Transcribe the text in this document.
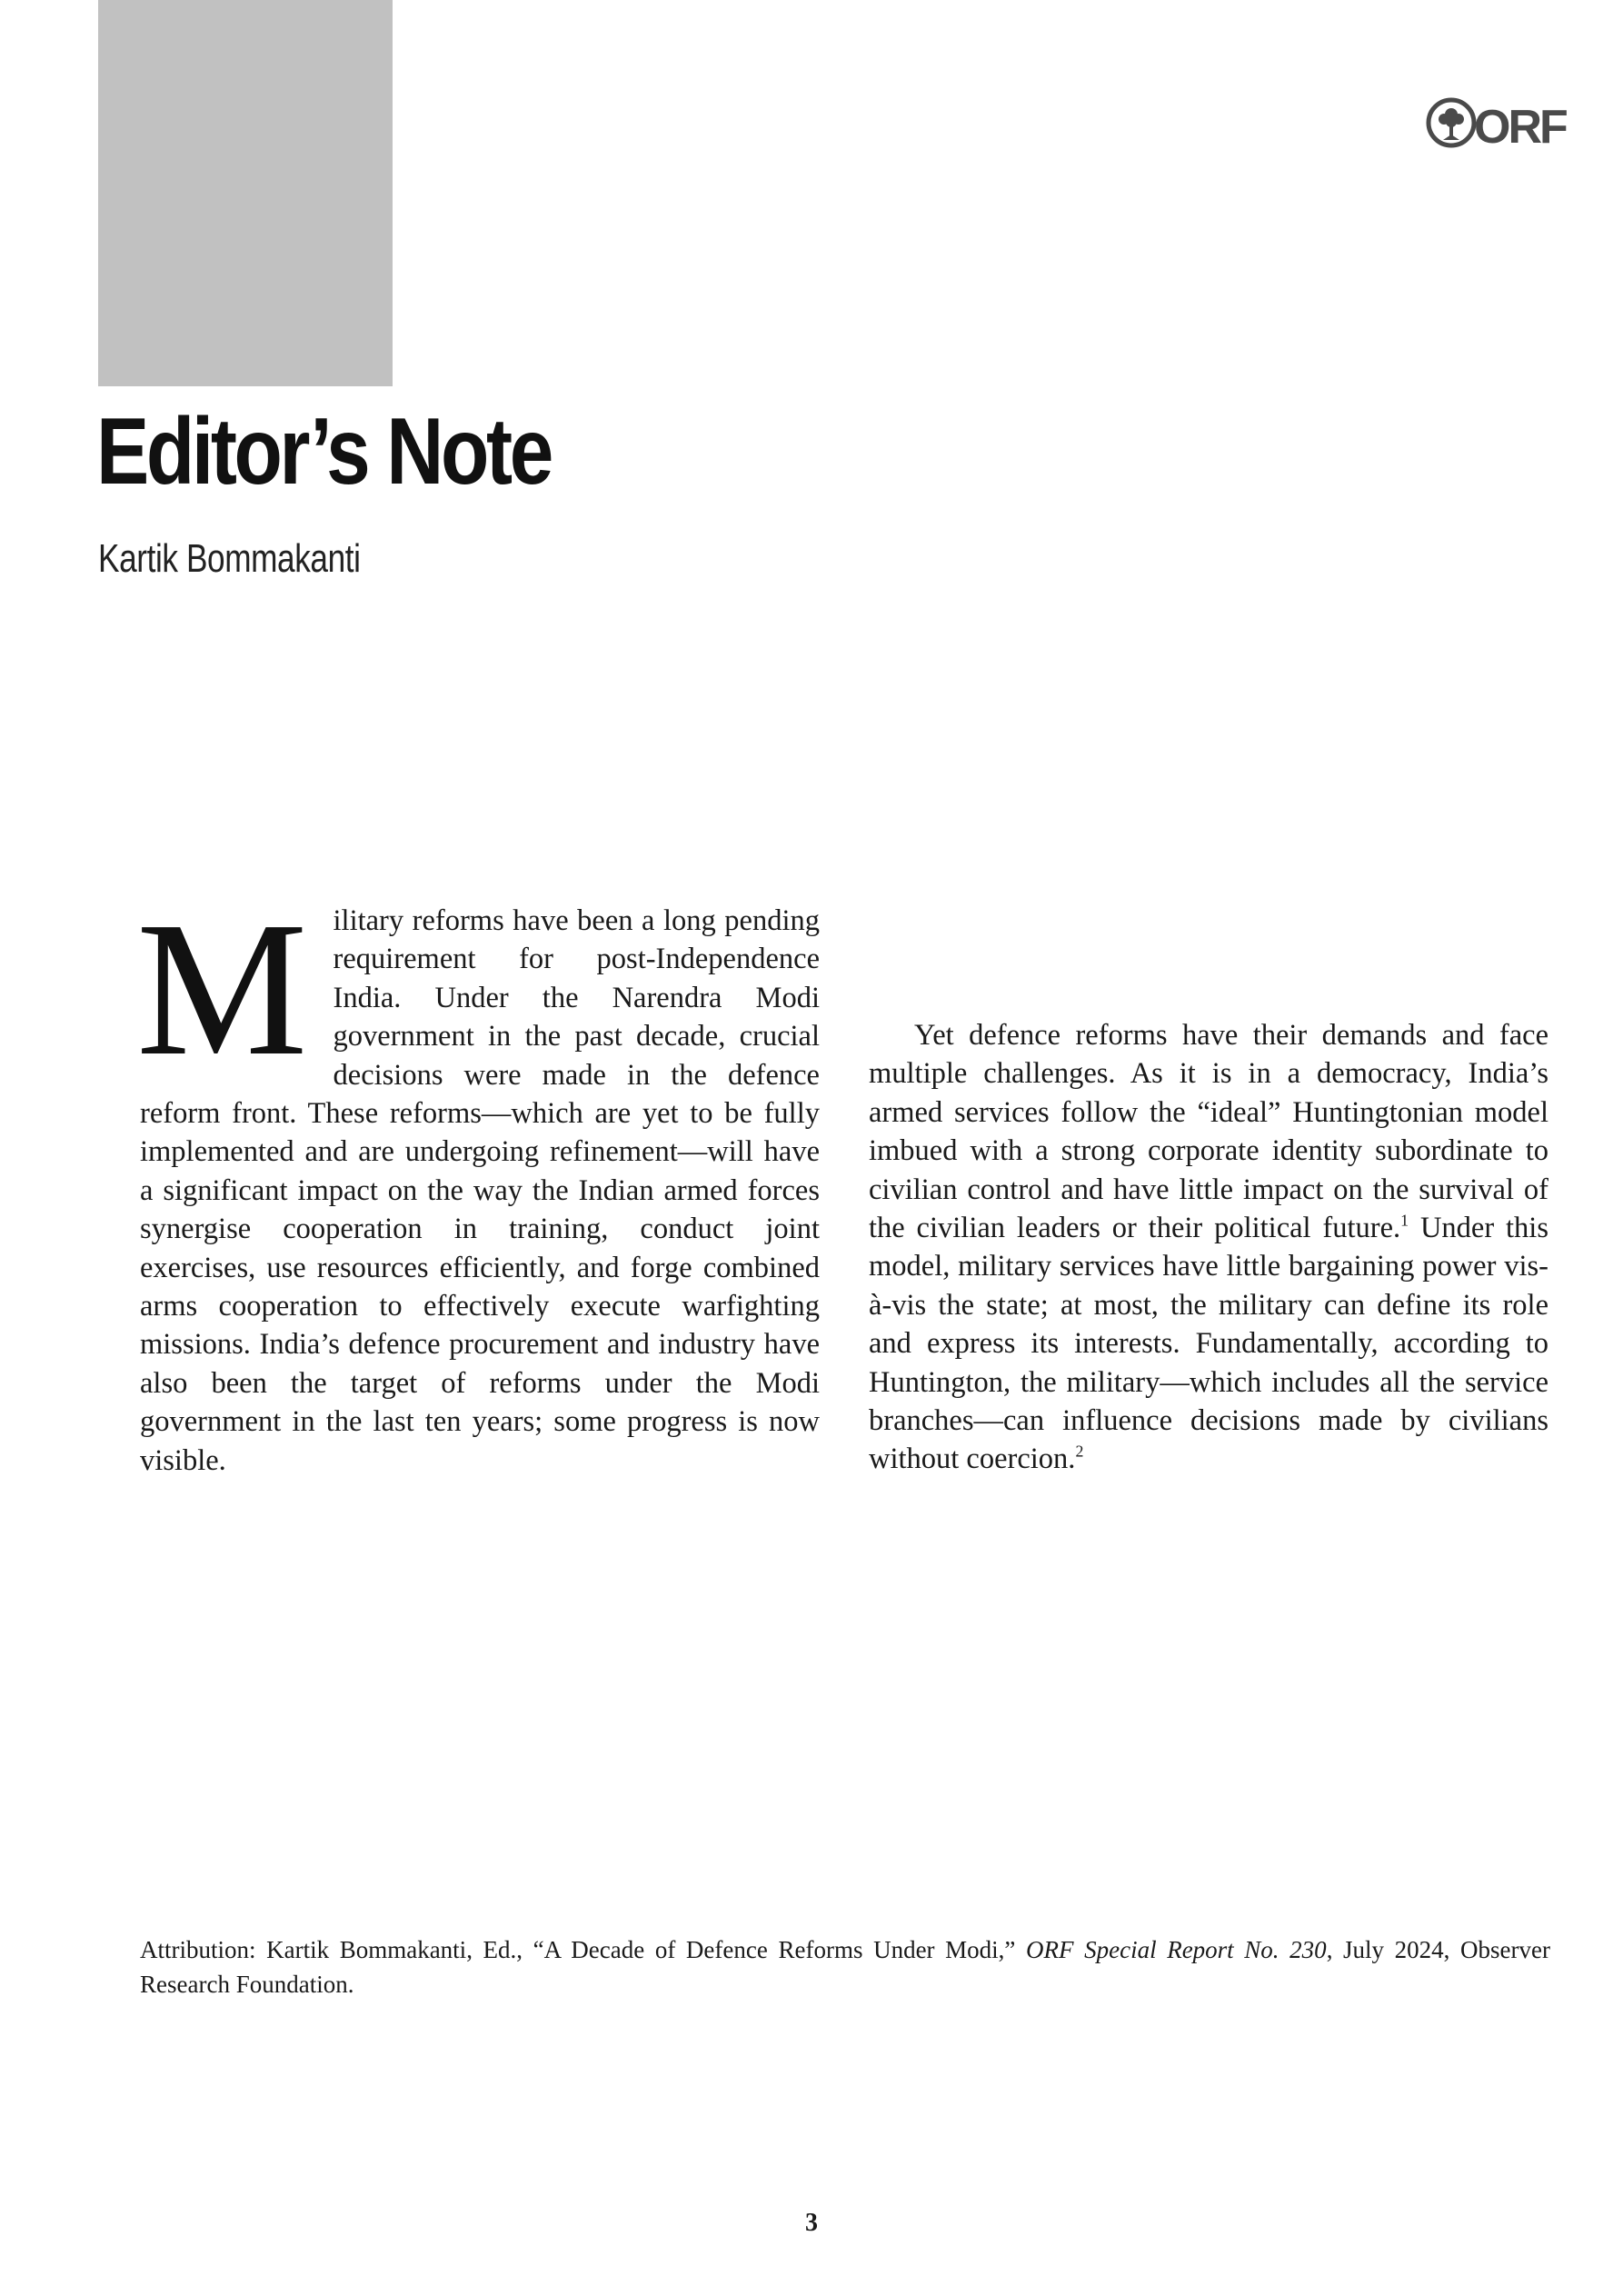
ORF
Editor’s Note
Kartik Bommakanti
M ilitary reforms have been a long pending requirement for post-Independence India. Under the Narendra Modi government in the past decade, crucial decisions were made in the defence reform front. These reforms—which are yet to be fully implemented and are undergoing refinement—will have a significant impact on the way the Indian armed forces synergise cooperation in training, conduct joint exercises, use resources efficiently, and forge combined arms cooperation to effectively execute warfighting missions. India’s defence procurement and industry have also been the target of reforms under the Modi government in the last ten years; some progress is now visible.

Yet defence reforms have their demands and face multiple challenges. As it is in a democracy, India’s armed services follow the “ideal” Huntingtonian model imbued with a strong corporate identity subordinate to civilian control and have little impact on the survival of the civilian leaders or their political future.$^1$ Under this model, military services have little bargaining power vis-à-vis the state; at most, the military can define its role and express its interests. Fundamentally, according to Huntington, the military—which includes all the service branches—can influence decisions made by civilians without coercion.$^2$

Attribution: Kartik Bommakanti, Ed., “A Decade of Defence Reforms Under Modi,” ORF Special Report No. 230, July 2024, Observer Research Foundation.
3
